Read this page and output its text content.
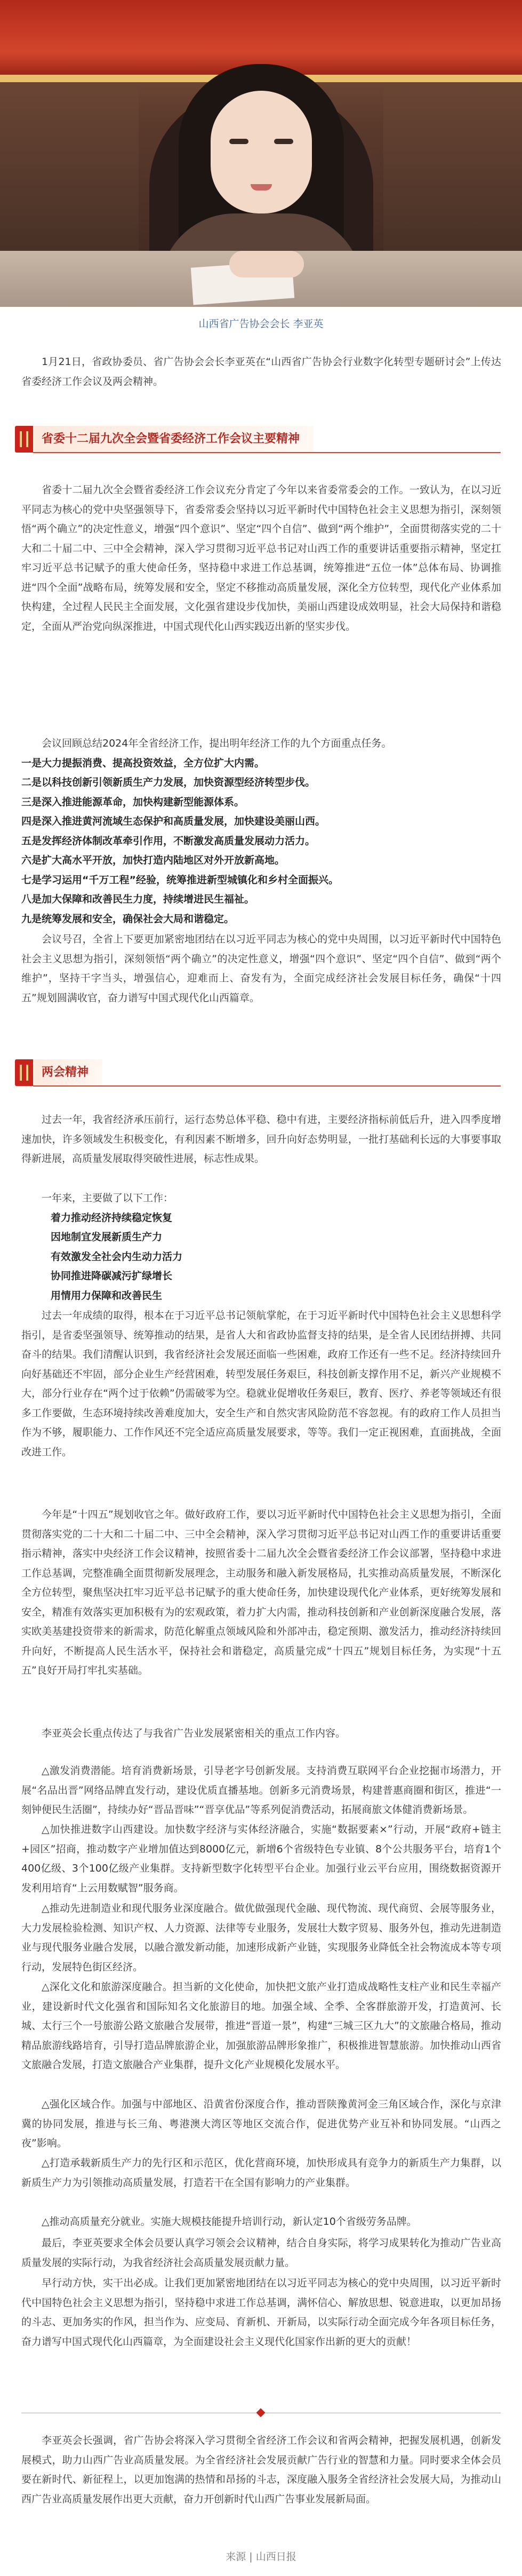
山西省广告协会会长 李亚英

1月21日，省政协委员、省广告协会会长李亚英在“山西省广告协会行业数字化转型专题研讨会”上传达省委经济工作会议及两会精神。

省委十二届九次全会暨省委经济工作会议主要精神

省委十二届九次全会暨省委经济工作会议充分肯定了今年以来省委常委会的工作。一致认为，在以习近平同志为核心的党中央坚强领导下，省委常委会坚持以习近平新时代中国特色社会主义思想为指引，深刻领悟“两个确立”的决定性意义，增强“四个意识”、坚定“四个自信”、做到“两个维护”，全面贯彻落实党的二十大和二十届二中、三中全会精神，深入学习贯彻习近平总书记对山西工作的重要讲话重要指示精神，坚定扛牢习近平总书记赋予的重大使命任务，坚持稳中求进工作总基调，统筹推进“五位一体”总体布局、协调推进“四个全面”战略布局，统筹发展和安全，坚定不移推动高质量发展，深化全方位转型，现代化产业体系加快构建，全过程人民民主全面发展，文化强省建设步伐加快，美丽山西建设成效明显，社会大局保持和谐稳定，全面从严治党向纵深推进，中国式现代化山西实践迈出新的坚实步伐。

会议回顾总结2024年全省经济工作，提出明年经济工作的九个方面重点任务。

一是大力提振消费、提高投资效益，全方位扩大内需。

二是以科技创新引领新质生产力发展，加快资源型经济转型步伐。

三是深入推进能源革命，加快构建新型能源体系。

四是深入推进黄河流域生态保护和高质量发展，加快建设美丽山西。

五是发挥经济体制改革牵引作用，不断激发高质量发展动力活力。

六是扩大高水平开放，加快打造内陆地区对外开放新高地。

七是学习运用“千万工程”经验，统筹推进新型城镇化和乡村全面振兴。

八是加大保障和改善民生力度，持续增进民生福祉。

九是统筹发展和安全，确保社会大局和谐稳定。

会议号召，全省上下要更加紧密地团结在以习近平同志为核心的党中央周围，以习近平新时代中国特色社会主义思想为指引，深刻领悟“两个确立”的决定性意义，增强“四个意识”、坚定“四个自信”、做到“两个维护”，坚持干字当头，增强信心，迎难而上、奋发有为，全面完成经济社会发展目标任务，确保“十四五”规划圆满收官，奋力谱写中国式现代化山西篇章。

两会精神

过去一年，我省经济承压前行，运行态势总体平稳、稳中有进，主要经济指标前低后升，进入四季度增速加快，许多领域发生积极变化，有利因素不断增多，回升向好态势明显，一批打基础利长远的大事要事取得新进展，高质量发展取得突破性进展，标志性成果。

一年来，主要做了以下工作：

着力推动经济持续稳定恢复

因地制宜发展新质生产力

有效激发全社会内生动力活力

协同推进降碳减污扩绿增长

用情用力保障和改善民生

过去一年成绩的取得，根本在于习近平总书记领航掌舵，在于习近平新时代中国特色社会主义思想科学指引，是省委坚强领导、统筹推动的结果，是省人大和省政协监督支持的结果，是全省人民团结拼搏、共同奋斗的结果。我们清醒认识到，我省经济社会发展还面临一些困难，政府工作还有一些不足。经济持续回升向好基础还不牢固，部分企业生产经营困难，转型发展任务艰巨，科技创新支撑作用不足，新兴产业规模不大，部分行业存在“两个过于依赖”仍需破零为空。稳就业促增收任务艰巨，教育、医疗、养老等领域还有很多工作要做，生态环境持续改善难度加大，安全生产和自然灾害风险防范不容忽视。有的政府工作人员担当作为不够，履职能力、工作作风还不完全适应高质量发展要求，等等。我们一定正视困难，直面挑战，全面改进工作。

今年是“十四五”规划收官之年。做好政府工作，要以习近平新时代中国特色社会主义思想为指引，全面贯彻落实党的二十大和二十届二中、三中全会精神，深入学习贯彻习近平总书记对山西工作的重要讲话重要指示精神，落实中央经济工作会议精神，按照省委十二届九次全会暨省委经济工作会议部署，坚持稳中求进工作总基调，完整准确全面贯彻新发展理念，主动服务和融入新发展格局，扎实推动高质量发展，不断深化全方位转型，聚焦坚决扛牢习近平总书记赋予的重大使命任务，加快建设现代化产业体系，更好统筹发展和安全，精准有效落实更加积极有为的宏观政策，着力扩大内需，推动科技创新和产业创新深度融合发展，落实欧美基建投资带来的新需求，防范化解重点领域风险和外部冲击，稳定预期、激发活力，推动经济持续回升向好，不断提高人民生活水平，保持社会和谐稳定，高质量完成“十四五”规划目标任务，为实现“十五五”良好开局打牢扎实基础。

李亚英会长重点传达了与我省广告业发展紧密相关的重点工作内容。

△激发消费潜能。培育消费新场景，引导老字号创新发展。支持消费互联网平台企业挖掘市场潜力，开展“名品出晋”网络品牌直发行动，建设优质直播基地。创新多元消费场景，构建普惠商圈和街区，推进“一刻钟便民生活圈”，持续办好“晋品晋味”“晋享优品”等系列促消费活动，拓展商旅文体健消费新场景。

△加快推进数字山西建设。加快数字经济与实体经济融合，实施“数据要素×”行动，开展“政府+链主+园区”招商，推动数字产业增加值达到8000亿元，新增6个省级特色专业镇、8个公共服务平台，培育1个400亿级、3个100亿级产业集群。支持新型数字化转型平台企业。加强行业云平台应用，围绕数据资源开发利用培育“上云用数赋智”服务商。

△推动先进制造业和现代服务业深度融合。做优做强现代金融、现代物流、现代商贸、会展等服务业，大力发展检验检测、知识产权、人力资源、法律等专业服务，发展壮大数字贸易、服务外包，推动先进制造业与现代服务业融合发展，以融合激发新动能，加速形成新产业链，实现服务业降低全社会物流成本等专项行动，发展特色街区经济。

△深化文化和旅游深度融合。担当新的文化使命，加快把文旅产业打造成战略性支柱产业和民生幸福产业，建设新时代文化强省和国际知名文化旅游目的地。加强全域、全季、全客群旅游开发，打造黄河、长城、太行三个一号旅游公路文旅融合发展带，推进“晋道一景”，构建“三城三区九大”的文旅融合格局，推动精品旅游线路培育，引导打造品牌旅游企业，加强旅游品牌形象推广，积极推进智慧旅游。加快推动山西省文旅融合发展，打造文旅融合产业集群，提升文化产业规模化发展水平。

△强化区域合作。加强与中部地区、沿黄省份深度合作，推动晋陕豫黄河金三角区域合作，深化与京津冀的协同发展，推进与长三角、粤港澳大湾区等地区交流合作，促进优势产业互补和协同发展。“山西之夜”影响。

△打造承载新质生产力的先行区和示范区，优化营商环境，加快形成具有竞争力的新质生产力集群，以新质生产力为引领推动高质量发展，打造若干在全国有影响力的产业集群。

△推动高质量充分就业。实施大规模技能提升培训行动，新认定10个省级劳务品牌。

最后，李亚英要求全体会员要认真学习领会会议精神，结合自身实际，将学习成果转化为推动广告业高质量发展的实际行动，为我省经济社会高质量发展贡献力量。

早行动方快，实干出必成。让我们更加紧密地团结在以习近平同志为核心的党中央周围，以习近平新时代中国特色社会主义思想为指引，坚持稳中求进工作总基调，满怀信心、解放思想、锐意进取，以更加昂扬的斗志、更加务实的作风，担当作为、应变局、育新机、开新局，以实际行动全面完成今年各项目标任务，奋力谱写中国式现代化山西篇章，为全面建设社会主义现代化国家作出新的更大的贡献！

李亚英会长强调，省广告协会将深入学习贯彻全省经济工作会议和省两会精神，把握发展机遇，创新发展模式，助力山西广告业高质量发展。为全省经济社会发展贡献广告行业的智慧和力量。同时要求全体会员要在新时代、新征程上，以更加饱满的热情和昂扬的斗志，深度融入服务全省经济社会发展大局，为推动山西广告业高质量发展作出更大贡献，奋力开创新时代山西广告事业发展新局面。

来源 | 山西日报
